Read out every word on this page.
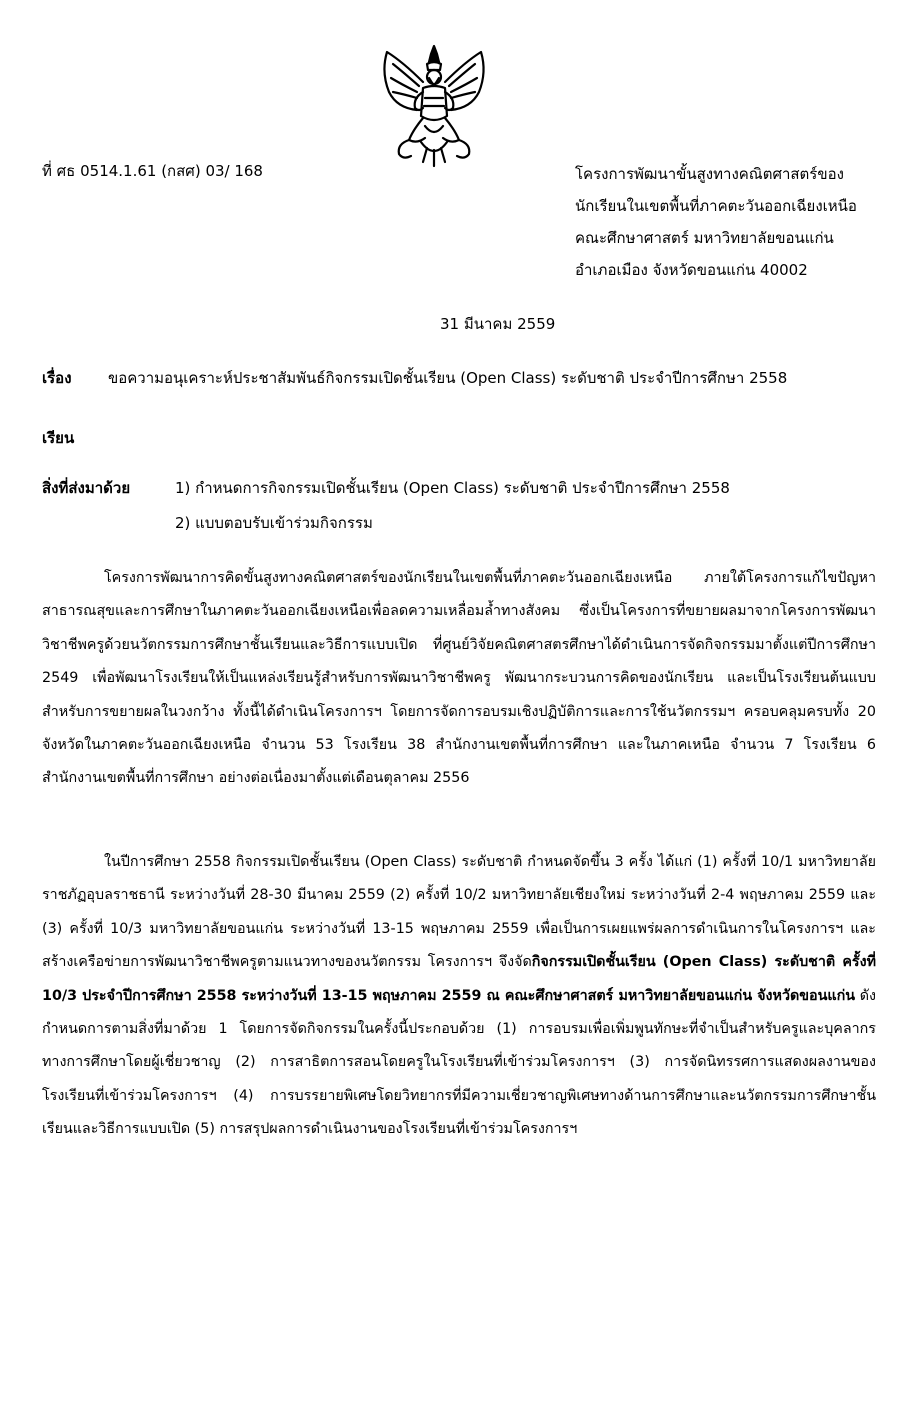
ที่ ศธ 0514.1.61 (กสศ) 03/ 168	โครงการพัฒนาขั้นสูงทางคณิตศาสตร์ของ
นักเรียนในเขตพื้นที่ภาคตะวันออกเฉียงเหนือ
คณะศึกษาศาสตร์ มหาวิทยาลัยขอนแก่น
อำเภอเมือง จังหวัดขอนแก่น 40002
31 มีนาคม 2559
เรื่อง ขอความอนุเคราะห์ประชาสัมพันธ์กิจกรรมเปิดชั้นเรียน (Open Class) ระดับชาติ ประจำปีการศึกษา 2558
เรียน
สิ่งที่ส่งมาด้วย	1) กำหนดการกิจกรรมเปิดชั้นเรียน (Open Class) ระดับชาติ ประจำปีการศึกษา 2558
2) แบบตอบรับเข้าร่วมกิจกรรม
โครงการพัฒนาการคิดขั้นสูงทางคณิตศาสตร์ของนักเรียนในเขตพื้นที่ภาคตะวันออกเฉียงเหนือ ภายใต้โครงการแก้ไขปัญหาสาธารณสุขและการศึกษาในภาคตะวันออกเฉียงเหนือเพื่อลดความเหลื่อมล้ำทางสังคม ซึ่งเป็นโครงการที่ขยายผลมาจากโครงการพัฒนาวิชาชีพครูด้วยนวัตกรรมการศึกษาชั้นเรียนและวิธีการแบบเปิด ที่ศูนย์วิจัยคณิตศาสตรศึกษาได้ดำเนินการจัดกิจกรรมมาตั้งแต่ปีการศึกษา 2549 เพื่อพัฒนาโรงเรียนให้เป็นแหล่งเรียนรู้สำหรับการพัฒนาวิชาชีพครู พัฒนากระบวนการคิดของนักเรียน และเป็นโรงเรียนต้นแบบสำหรับการขยายผลในวงกว้าง ทั้งนี้ได้ดำเนินโครงการฯ โดยการจัดการอบรมเชิงปฏิบัติการและการใช้นวัตกรรมฯ ครอบคลุมครบทั้ง 20 จังหวัดในภาคตะวันออกเฉียงเหนือ จำนวน 53 โรงเรียน 38 สำนักงานเขตพื้นที่การศึกษา และในภาคเหนือ จำนวน 7 โรงเรียน 6 สำนักงานเขตพื้นที่การศึกษา อย่างต่อเนื่องมาตั้งแต่เดือนตุลาคม 2556
ในปีการศึกษา 2558 กิจกรรมเปิดชั้นเรียน (Open Class) ระดับชาติ กำหนดจัดขึ้น 3 ครั้ง ได้แก่ (1) ครั้งที่ 10/1 มหาวิทยาลัยราชภัฏอุบลราชธานี ระหว่างวันที่ 28-30 มีนาคม 2559 (2) ครั้งที่ 10/2 มหาวิทยาลัยเชียงใหม่ ระหว่างวันที่ 2-4 พฤษภาคม 2559 และ (3) ครั้งที่ 10/3 มหาวิทยาลัยขอนแก่น ระหว่างวันที่ 13-15 พฤษภาคม 2559 เพื่อเป็นการเผยแพร่ผลการดำเนินการในโครงการฯ และสร้างเครือข่ายการพัฒนาวิชาชีพครูตามแนวทางของนวัตกรรม โครงการฯ จึงจัดกิจกรรมเปิดชั้นเรียน (Open Class) ระดับชาติ ครั้งที่ 10/3 ประจำปีการศึกษา 2558 ระหว่างวันที่ 13-15 พฤษภาคม 2559 ณ คณะศึกษาศาสตร์ มหาวิทยาลัยขอนแก่น จังหวัดขอนแก่น ดังกำหนดการตามสิ่งที่มาด้วย 1 โดยการจัดกิจกรรมในครั้งนี้ประกอบด้วย (1) การอบรมเพื่อเพิ่มพูนทักษะที่จำเป็นสำหรับครูและบุคลากรทางการศึกษาโดยผู้เชี่ยวชาญ (2) การสาธิตการสอนโดยครูในโรงเรียนที่เข้าร่วมโครงการฯ (3) การจัดนิทรรศการแสดงผลงานของโรงเรียนที่เข้าร่วมโครงการฯ (4) การบรรยายพิเศษโดยวิทยากรที่มีความเชี่ยวชาญพิเศษทางด้านการศึกษาและนวัตกรรมการศึกษาชั้นเรียนและวิธีการแบบเปิด (5) การสรุปผลการดำเนินงานของโรงเรียนที่เข้าร่วมโครงการฯ
